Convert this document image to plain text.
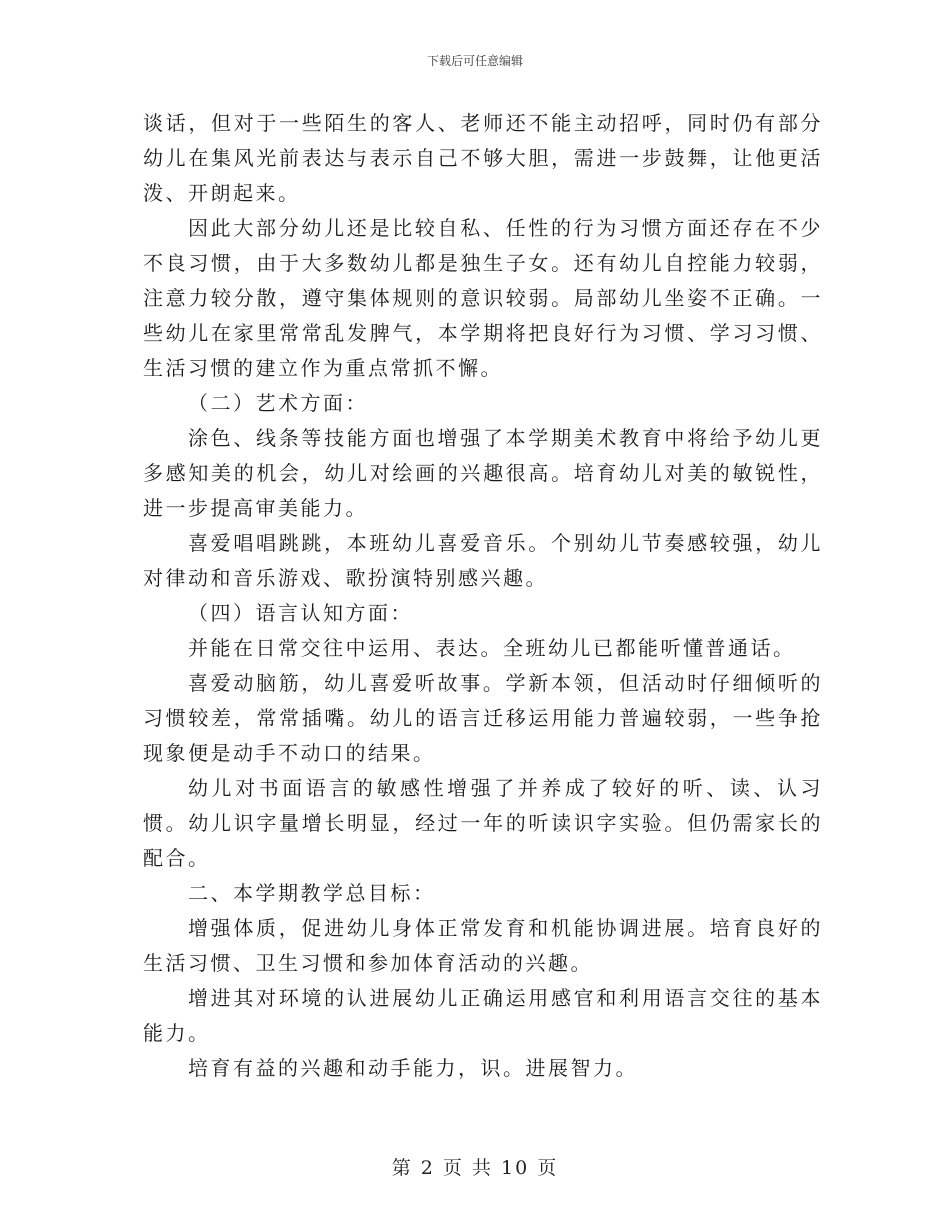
下载后可任意编辑

谈话，但对于一些陌生的客人、老师还不能主动招呼，同时仍有部分幼儿在集风光前表达与表示自己不够大胆，需进一步鼓舞，让他更活泼、开朗起来。

因此大部分幼儿还是比较自私、任性的行为习惯方面还存在不少不良习惯，由于大多数幼儿都是独生子女。还有幼儿自控能力较弱，注意力较分散，遵守集体规则的意识较弱。局部幼儿坐姿不正确。一些幼儿在家里常常乱发脾气，本学期将把良好行为习惯、学习习惯、生活习惯的建立作为重点常抓不懈。

（二）艺术方面：

涂色、线条等技能方面也增强了本学期美术教育中将给予幼儿更多感知美的机会，幼儿对绘画的兴趣很高。培育幼儿对美的敏锐性，进一步提高审美能力。

喜爱唱唱跳跳，本班幼儿喜爱音乐。个别幼儿节奏感较强，幼儿对律动和音乐游戏、歌扮演特别感兴趣。

（四）语言认知方面：

并能在日常交往中运用、表达。全班幼儿已都能听懂普通话。

喜爱动脑筋，幼儿喜爱听故事。学新本领，但活动时仔细倾听的习惯较差，常常插嘴。幼儿的语言迁移运用能力普遍较弱，一些争抢现象便是动手不动口的结果。

幼儿对书面语言的敏感性增强了并养成了较好的听、读、认习惯。幼儿识字量增长明显，经过一年的听读识字实验。但仍需家长的配合。

二、本学期教学总目标：

增强体质，促进幼儿身体正常发育和机能协调进展。培育良好的生活习惯、卫生习惯和参加体育活动的兴趣。

增进其对环境的认进展幼儿正确运用感官和利用语言交往的基本能力。

培育有益的兴趣和动手能力，识。进展智力。

第 2 页 共 10 页
